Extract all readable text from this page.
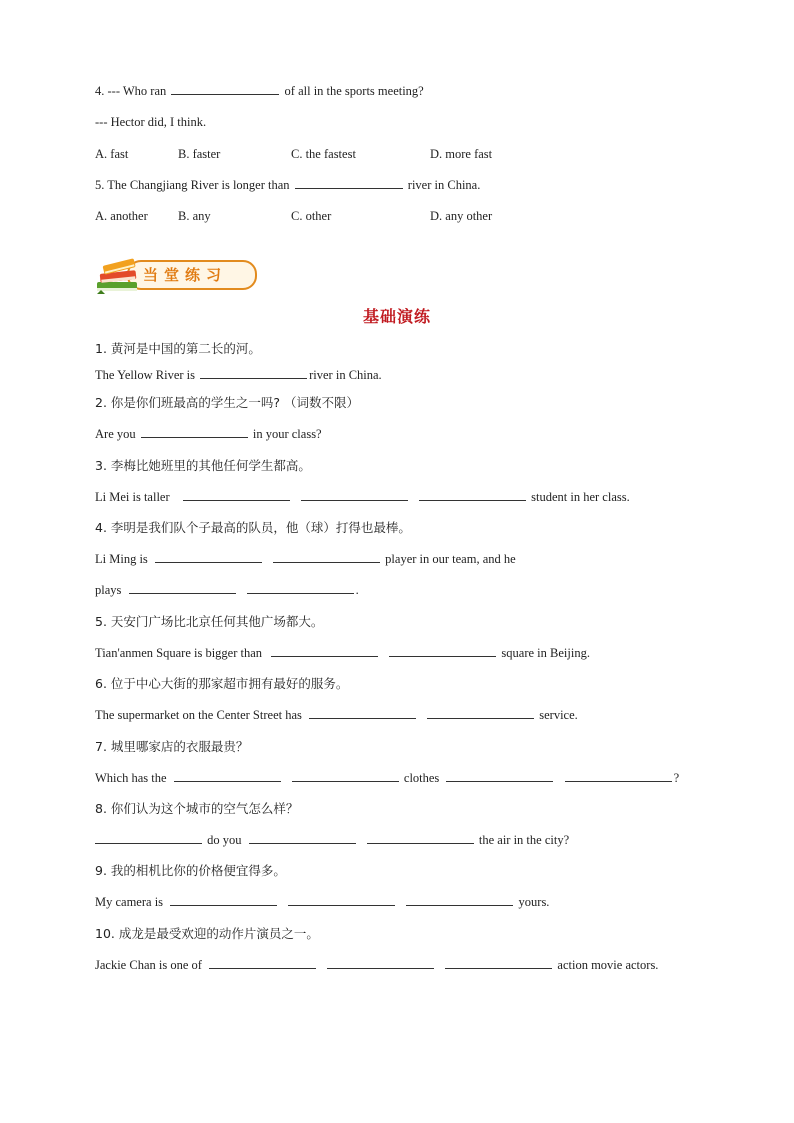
4. --- Who ran	of all in the sports meeting?
--- Hector did, I think.
A. fast	B. faster	C. the fastest	D. more fast
5. The Changjiang River is longer than	river in China.
A. another B. any	C. other	D. any other
当堂练习
基础演练
1. 黄河是中国的第二长的河。
The Yellow River is	river in China.
2. 你是你们班最高的学生之一吗? （词数不限）
Are you	in your class?
3. 李梅比她班里的其他任何学生都高。
Li Mei is taller	student in her class.
4. 李明是我们队个子最高的队员，他（球）打得也最棒。
Li Ming is	player in our team, and he
plays	.
5. 天安门广场比北京任何其他广场都大。
Tian'anmen Square is bigger than	square in Beijing.
6. 位于中心大街的那家超市拥有最好的服务。
The supermarket on the Center Street has	service.
7. 城里哪家店的衣服最贵？
Which has the	clothes	?
8. 你们认为这个城市的空气怎么样？
do you	the air in the city?
9. 我的相机比你的价格便宜得多。
My camera is	yours.
10. 成龙是最受欢迎的动作片演员之一。
Jackie Chan is one of	action movie actors.
